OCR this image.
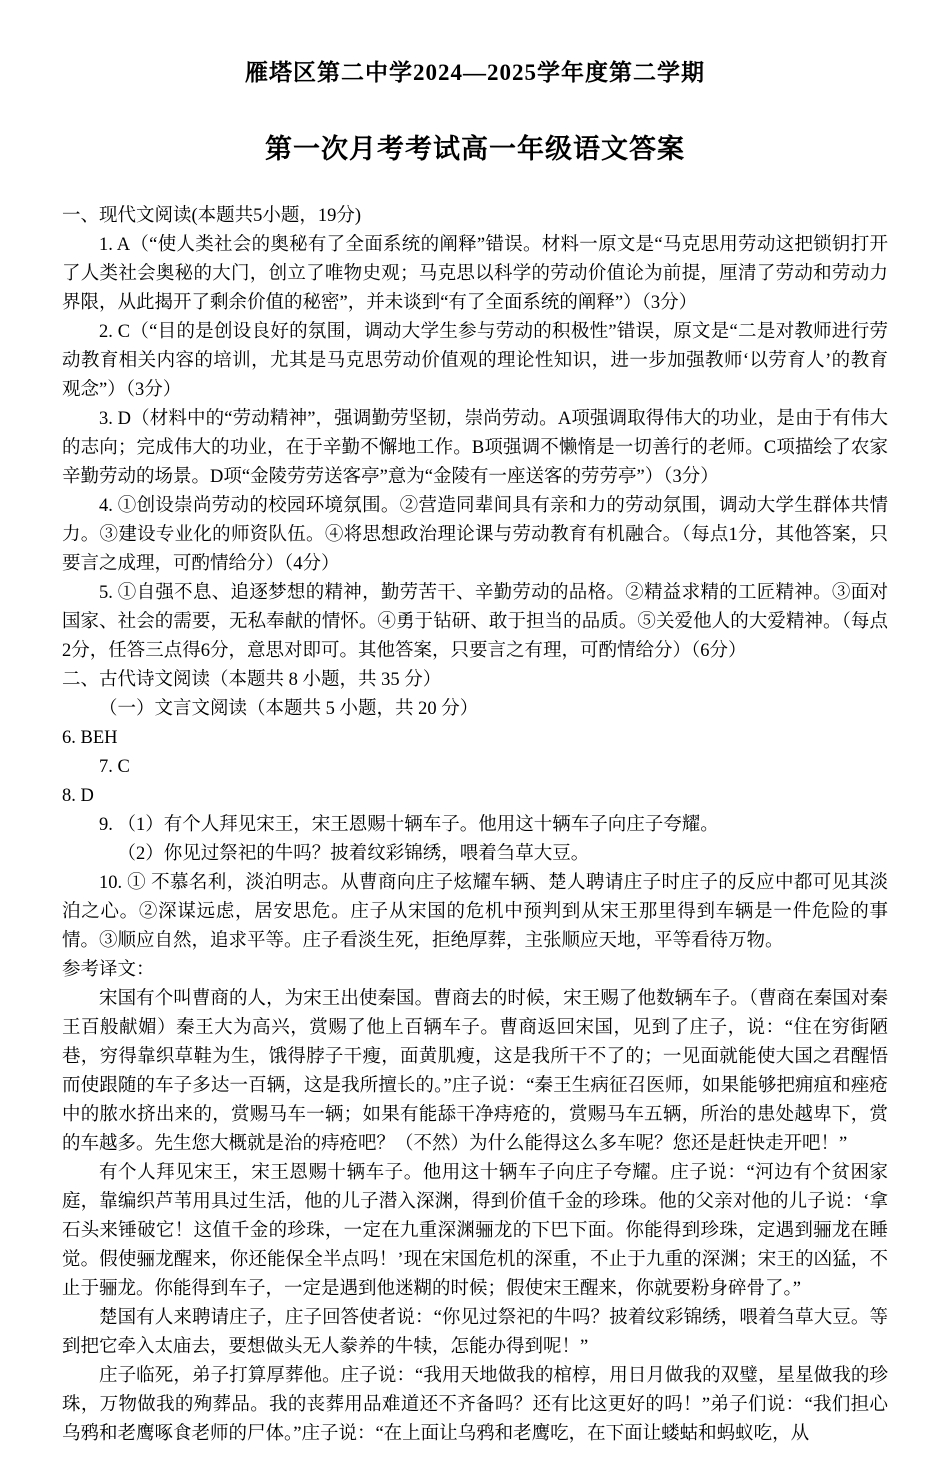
雁塔区第二中学2024—2025学年度第二学期
第一次月考考试高一年级语文答案

一、现代文阅读(本题共5小题，19分)

1. A（“使人类社会的奥秘有了全面系统的阐释”错误。材料一原文是“马克思用劳动这把锁钥打开了人类社会奥秘的大门，创立了唯物史观；马克思以科学的劳动价值论为前提，厘清了劳动和劳动力界限，从此揭开了剩余价值的秘密”，并未谈到“有了全面系统的阐释”）（3分）

2. C（“目的是创设良好的氛围，调动大学生参与劳动的积极性”错误，原文是“二是对教师进行劳动教育相关内容的培训，尤其是马克思劳动价值观的理论性知识，进一步加强教师‘以劳育人’的教育观念”）（3分）

3. D（材料中的“劳动精神”，强调勤劳坚韧，崇尚劳动。A项强调取得伟大的功业，是由于有伟大的志向；完成伟大的功业，在于辛勤不懈地工作。B项强调不懒惰是一切善行的老师。C项描绘了农家辛勤劳动的场景。D项“金陵劳劳送客亭”意为“金陵有一座送客的劳劳亭”）（3分）

4. ①创设崇尚劳动的校园环境氛围。②营造同辈间具有亲和力的劳动氛围，调动大学生群体共情力。③建设专业化的师资队伍。④将思想政治理论课与劳动教育有机融合。（每点1分，其他答案，只要言之成理，可酌情给分）（4分）

5. ①自强不息、追逐梦想的精神，勤劳苦干、辛勤劳动的品格。②精益求精的工匠精神。③面对国家、社会的需要，无私奉献的情怀。④勇于钻研、敢于担当的品质。⑤关爱他人的大爱精神。（每点2分，任答三点得6分，意思对即可。其他答案，只要言之有理，可酌情给分）（6分）

二、古代诗文阅读（本题共 8 小题，共 35 分）

（一）文言文阅读（本题共 5 小题，共 20 分）

6. BEH

7. C

8. D

9. （1）有个人拜见宋王，宋王恩赐十辆车子。他用这十辆车子向庄子夸耀。

（2）你见过祭祀的牛吗？披着纹彩锦绣，喂着刍草大豆。

10. ① 不慕名利，淡泊明志。从曹商向庄子炫耀车辆、楚人聘请庄子时庄子的反应中都可见其淡泊之心。②深谋远虑，居安思危。庄子从宋国的危机中预判到从宋王那里得到车辆是一件危险的事情。③顺应自然，追求平等。庄子看淡生死，拒绝厚葬，主张顺应天地，平等看待万物。

参考译文：

宋国有个叫曹商的人，为宋王出使秦国。曹商去的时候，宋王赐了他数辆车子。（曹商在秦国对秦王百般献媚）秦王大为高兴，赏赐了他上百辆车子。曹商返回宋国，见到了庄子，说：“住在穷街陋巷，穷得靠织草鞋为生，饿得脖子干瘦，面黄肌瘦，这是我所干不了的；一见面就能使大国之君醒悟而使跟随的车子多达一百辆，这是我所擅长的。”庄子说：“秦王生病征召医师，如果能够把痈疽和痤疮中的脓水挤出来的，赏赐马车一辆；如果有能舔干净痔疮的，赏赐马车五辆，所治的患处越卑下，赏的车越多。先生您大概就是治的痔疮吧？（不然）为什么能得这么多车呢？您还是赶快走开吧！”

有个人拜见宋王，宋王恩赐十辆车子。他用这十辆车子向庄子夸耀。庄子说：“河边有个贫困家庭，靠编织芦苇用具过生活，他的儿子潜入深渊，得到价值千金的珍珠。他的父亲对他的儿子说：‘拿石头来锤破它！这值千金的珍珠，一定在九重深渊骊龙的下巴下面。你能得到珍珠，定遇到骊龙在睡觉。假使骊龙醒来，你还能保全半点吗！’现在宋国危机的深重，不止于九重的深渊；宋王的凶猛，不止于骊龙。你能得到车子，一定是遇到他迷糊的时候；假使宋王醒来，你就要粉身碎骨了。”

楚国有人来聘请庄子，庄子回答使者说：“你见过祭祀的牛吗？披着纹彩锦绣，喂着刍草大豆。等到把它牵入太庙去，要想做头无人豢养的牛犊，怎能办得到呢！”

庄子临死，弟子打算厚葬他。庄子说：“我用天地做我的棺椁，用日月做我的双璧，星星做我的珍珠，万物做我的殉葬品。我的丧葬用品难道还不齐备吗？还有比这更好的吗！”弟子们说：“我们担心乌鸦和老鹰啄食老师的尸体。”庄子说：“在上面让乌鸦和老鹰吃，在下面让蝼蛄和蚂蚁吃，从
